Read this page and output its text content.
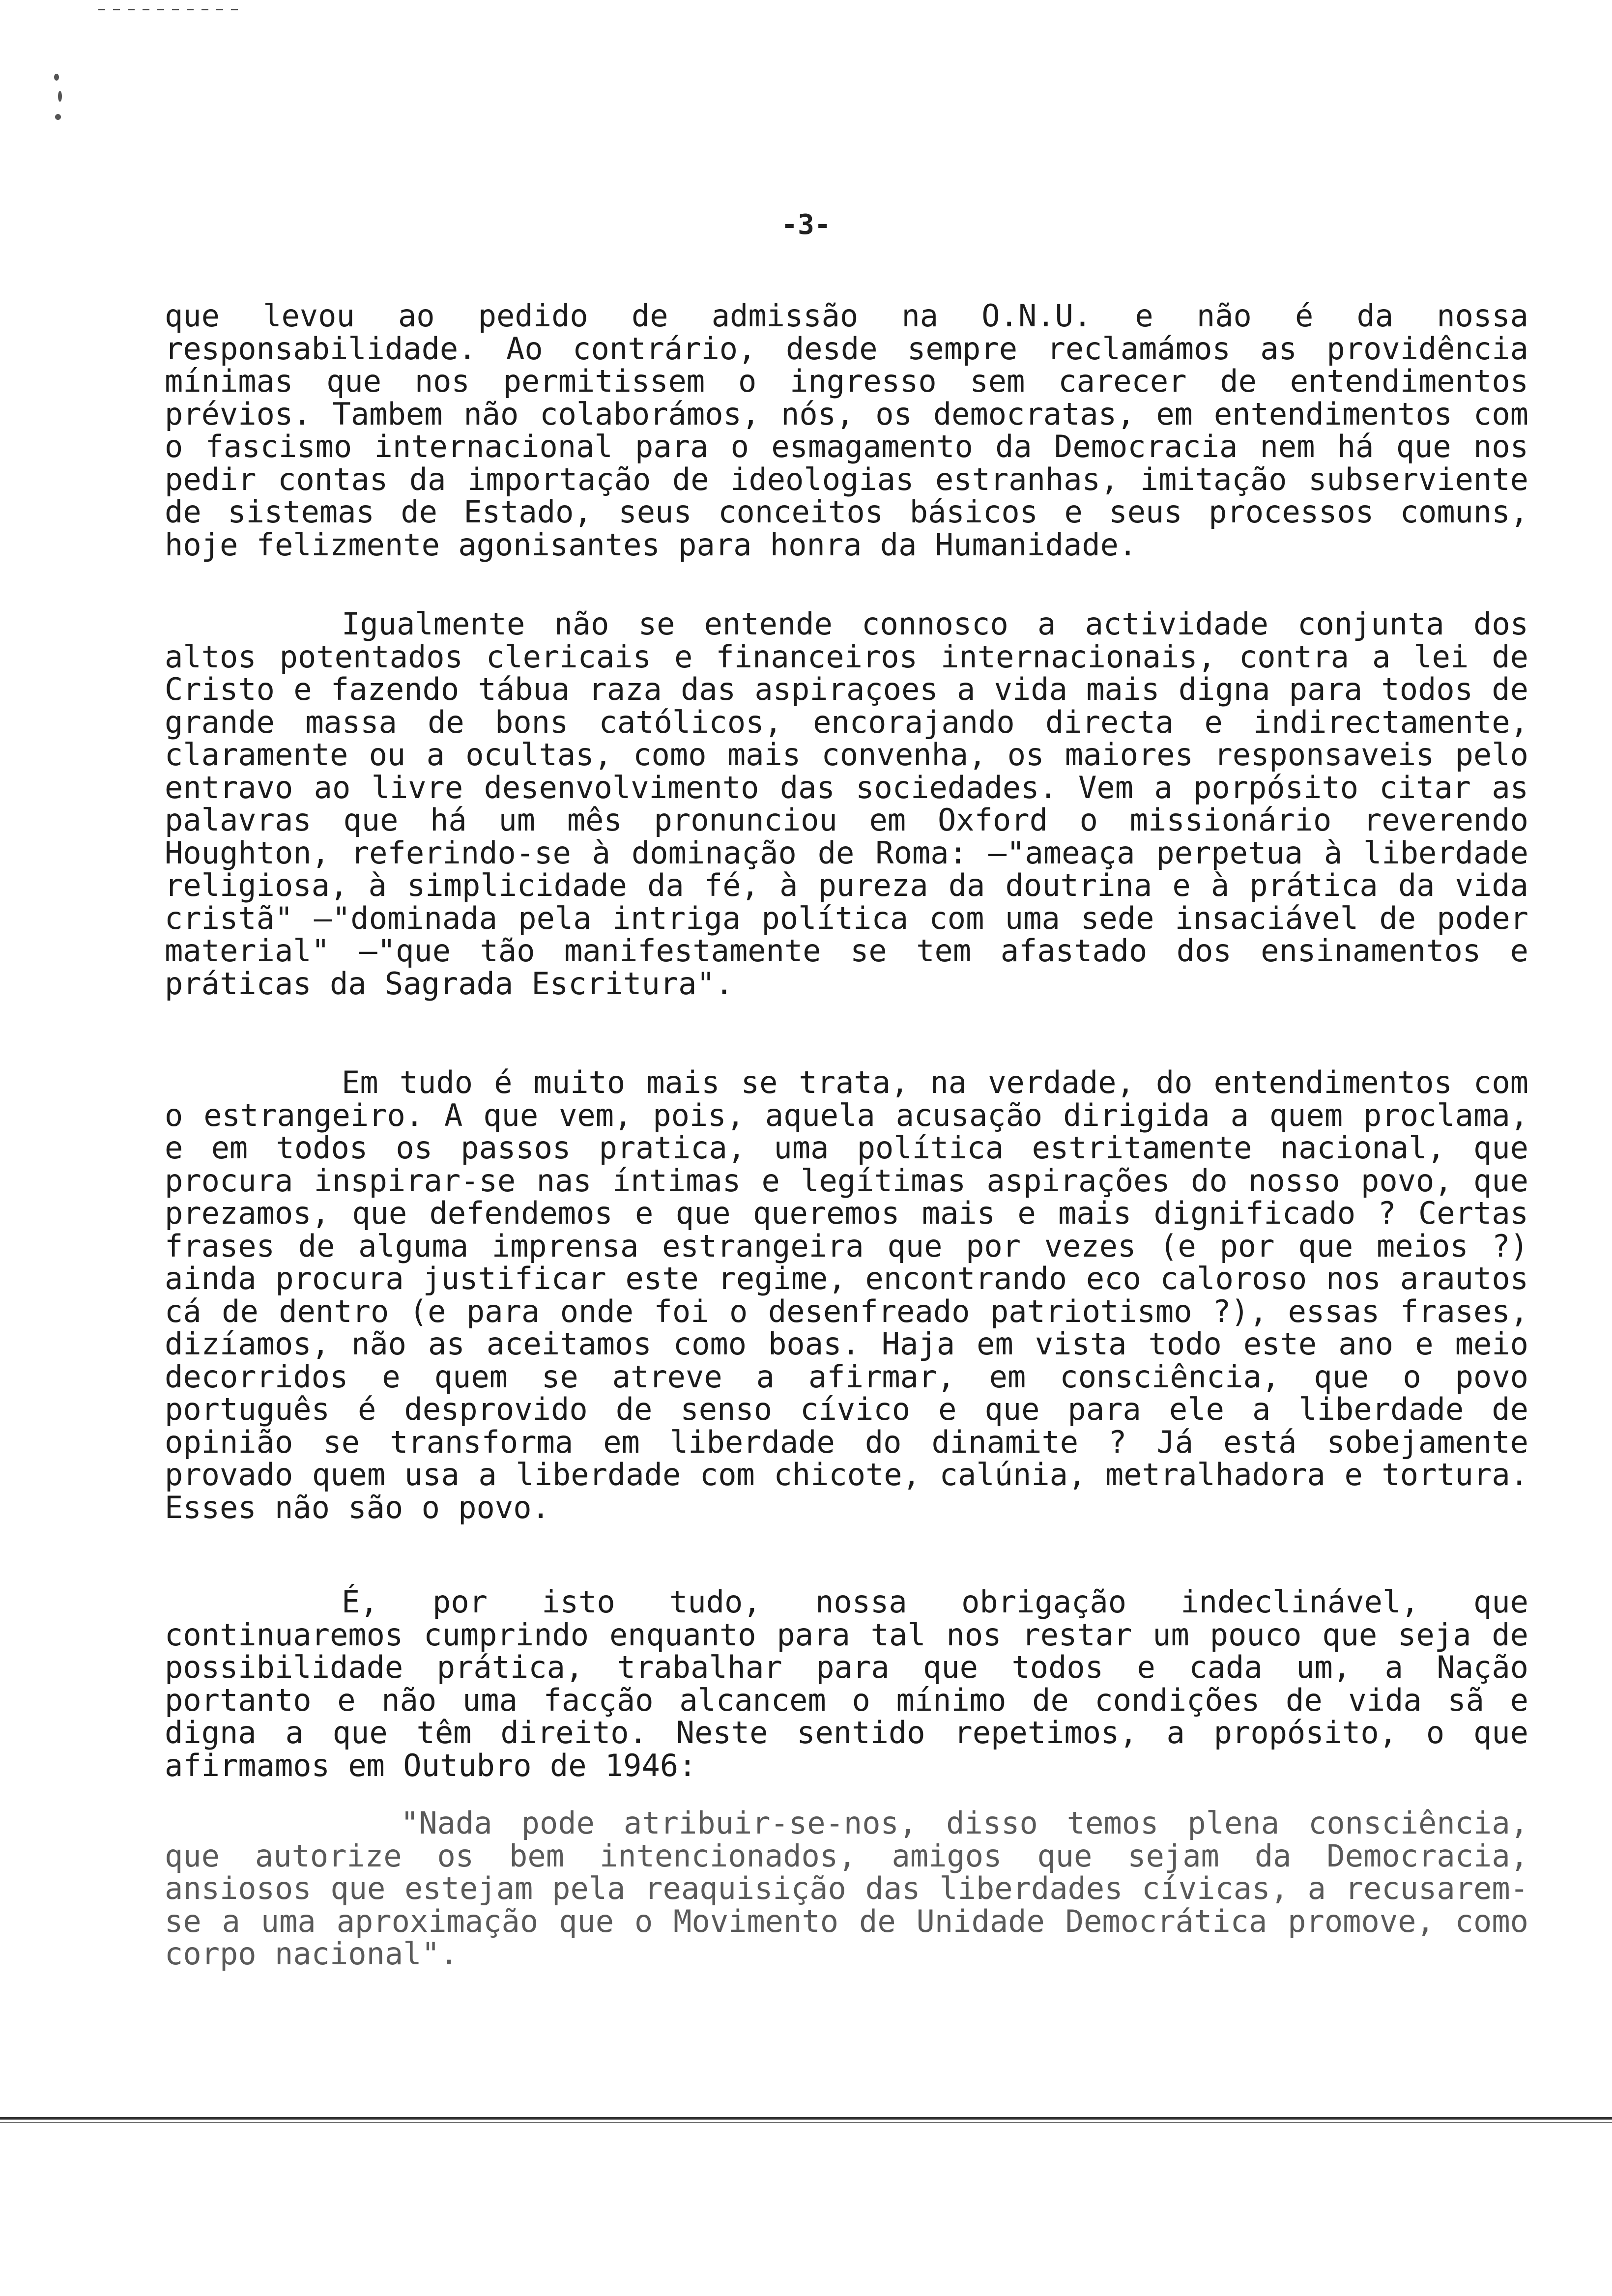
-3-

que levou ao pedido de admissão na O.N.U. e não é da nossa responsabilidade. Ao contrário, desde sempre reclamámos as providência mínimas que nos permitissem o ingresso sem carecer de entendimentos prévios. Tambem não colaborámos, nós, os democratas, em entendimentos com o fascismo internacional para o esmagamento da Democracia nem há que nos pedir contas da importação de ideologias estranhas, imitação subserviente de sistemas de Estado, seus conceitos básicos e seus processos comuns, hoje felizmente agonisantes para honra da Humanidade.

Igualmente não se entende connosco a actividade conjunta dos altos potentados clericais e financeiros internacionais, contra a lei de Cristo e fazendo tábua raza das aspiraçoes a vida mais digna para todos de grande massa de bons católicos, encorajando directa e indirectamente, claramente ou a ocultas, como mais convenha, os maiores responsaveis pelo entravo ao livre desenvolvimento das sociedades. Vem a porpósito citar as palavras que há um mês pronunciou em Oxford o missionário reverendo Houghton, referindo-se à dominação de Roma: —"ameaça perpetua à liberdade religiosa, à simplicidade da fé, à pureza da doutrina e à prática da vida cristã" —"dominada pela intriga política com uma sede insaciável de poder material" —"que tão manifestamente se tem afastado dos ensinamentos e práticas da Sagrada Escritura".

Em tudo é muito mais se trata, na verdade, do entendimentos com o estrangeiro. A que vem, pois, aquela acusação dirigida a quem proclama, e em todos os passos pratica, uma política estritamente nacional, que procura inspirar-se nas íntimas e legítimas aspirações do nosso povo, que prezamos, que defendemos e que queremos mais e mais dignificado ? Certas frases de alguma imprensa estrangeira que por vezes (e por que meios ?) ainda procura justificar este regime, encontrando eco caloroso nos arautos cá de dentro (e para onde foi o desenfreado patriotismo ?), essas frases, dizíamos, não as aceitamos como boas. Haja em vista todo este ano e meio decorridos e quem se atreve a afirmar, em consciência, que o povo português é desprovido de senso cívico e que para ele a liberdade de opinião se transforma em liberdade do dinamite ? Já está sobejamente provado quem usa a liberdade com chicote, calúnia, metralhadora e tortura. Esses não são o povo.

É, por isto tudo, nossa obrigação indeclinável, que continuaremos cumprindo enquanto para tal nos restar um pouco que seja de possibilidade prática, trabalhar para que todos e cada um, a Nação portanto e não uma facção alcancem o mínimo de condições de vida sã e digna a que têm direito. Neste sentido repetimos, a propósito, o que afirmamos em Outubro de 1946:

"Nada pode atribuir-se-nos, disso temos plena consciência, que autorize os bem intencionados, amigos que sejam da Democracia, ansiosos que estejam pela reaquisição das liberdades cívicas, a recusarem-se a uma aproximação que o Movimento de Unidade Democrática promove, como corpo nacional".
